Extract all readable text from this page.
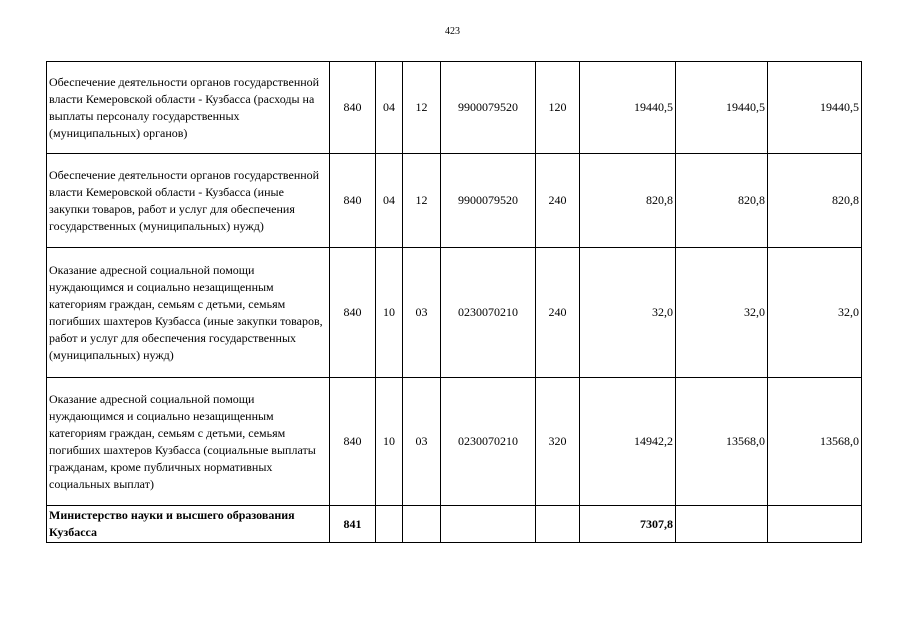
423
Обеспечение деятельности органов государственной власти Кемеровской области - Кузбасса (расходы на выплаты персоналу государственных (муниципальных) органов)	840	04	12	9900079520	120	19440,5	19440,5	19440,5
Обеспечение деятельности органов государственной власти Кемеровской области - Кузбасса (иные закупки товаров, работ и услуг для обеспечения государственных (муниципальных) нужд)	840	04	12	9900079520	240	820,8	820,8	820,8
Оказание адресной социальной помощи нуждающимся и социально незащищенным категориям граждан, семьям с детьми, семьям погибших шахтеров Кузбасса (иные закупки товаров, работ и услуг для обеспечения государственных (муниципальных) нужд)	840	10	03	0230070210	240	32,0	32,0	32,0
Оказание адресной социальной помощи нуждающимся и социально незащищенным категориям граждан, семьям с детьми, семьям погибших шахтеров Кузбасса (социальные выплаты гражданам, кроме публичных нормативных социальных выплат)	840	10	03	0230070210	320	14942,2	13568,0	13568,0
Министерство науки и высшего образования Кузбасса	841					7307,8		
